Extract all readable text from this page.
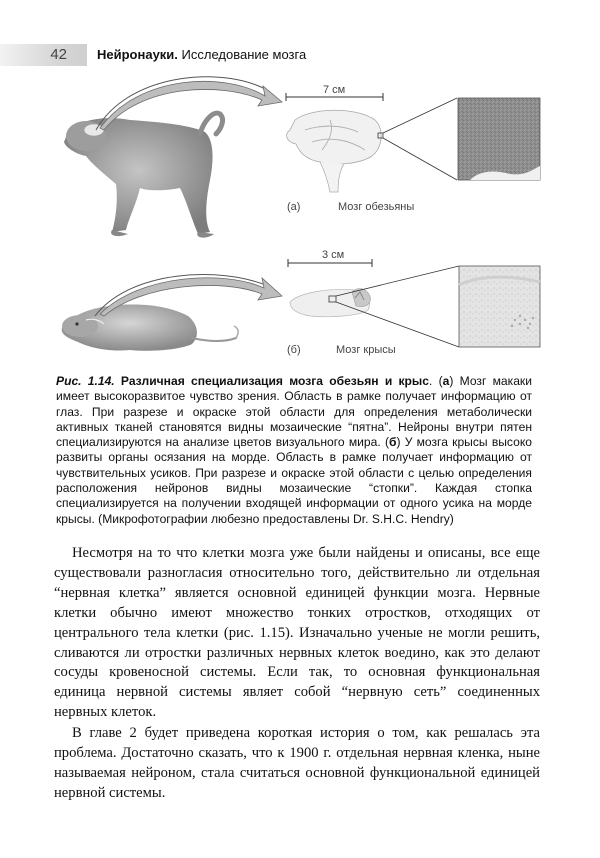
42 Нейронауки. Исследование мозга
7 см
(а)	Мозг обезьяны
3 см
(б)	Мозг крысы
Рис. 1.14. Различная специализация мозга обезьян и крыс. (а) Мозг макаки имеет высокоразвитое чувство зрения. Область в рамке получает информацию от глаз. При разрезе и окраске этой области для определения метаболически активных тканей становятся видны мозаические “пятна”. Нейроны внутри пятен специализируются на анализе цветов визуального мира. (б) У мозга крысы высоко развиты органы осязания на морде. Область в рамке получает информацию от чувствительных усиков. При разрезе и окраске этой области с целью определения расположения нейронов видны мозаические “стопки”. Каждая стопка специализируется на получении входящей информации от одного усика на морде крысы. (Микрофотографии любезно предоставлены Dr. S.H.C. Hendry)

Несмотря на то что клетки мозга уже были найдены и описаны, все еще существовали разногласия относительно того, действительно ли отдельная “нервная клетка” является основной единицей функции мозга. Нервные клетки обычно имеют множество тонких отростков, отходящих от центрального тела клетки (рис. 1.15). Изначально ученые не могли решить, сливаются ли отростки различных нервных клеток воедино, как это делают сосуды кровеносной системы. Если так, то основная функциональная единица нервной системы являет собой “нервную сеть” соединенных нервных клеток.

В главе 2 будет приведена короткая история о том, как решалась эта проблема. Достаточно сказать, что к 1900 г. отдельная нервная кленка, ныне называемая нейроном, стала считаться основной функциональной единицей нервной системы.
